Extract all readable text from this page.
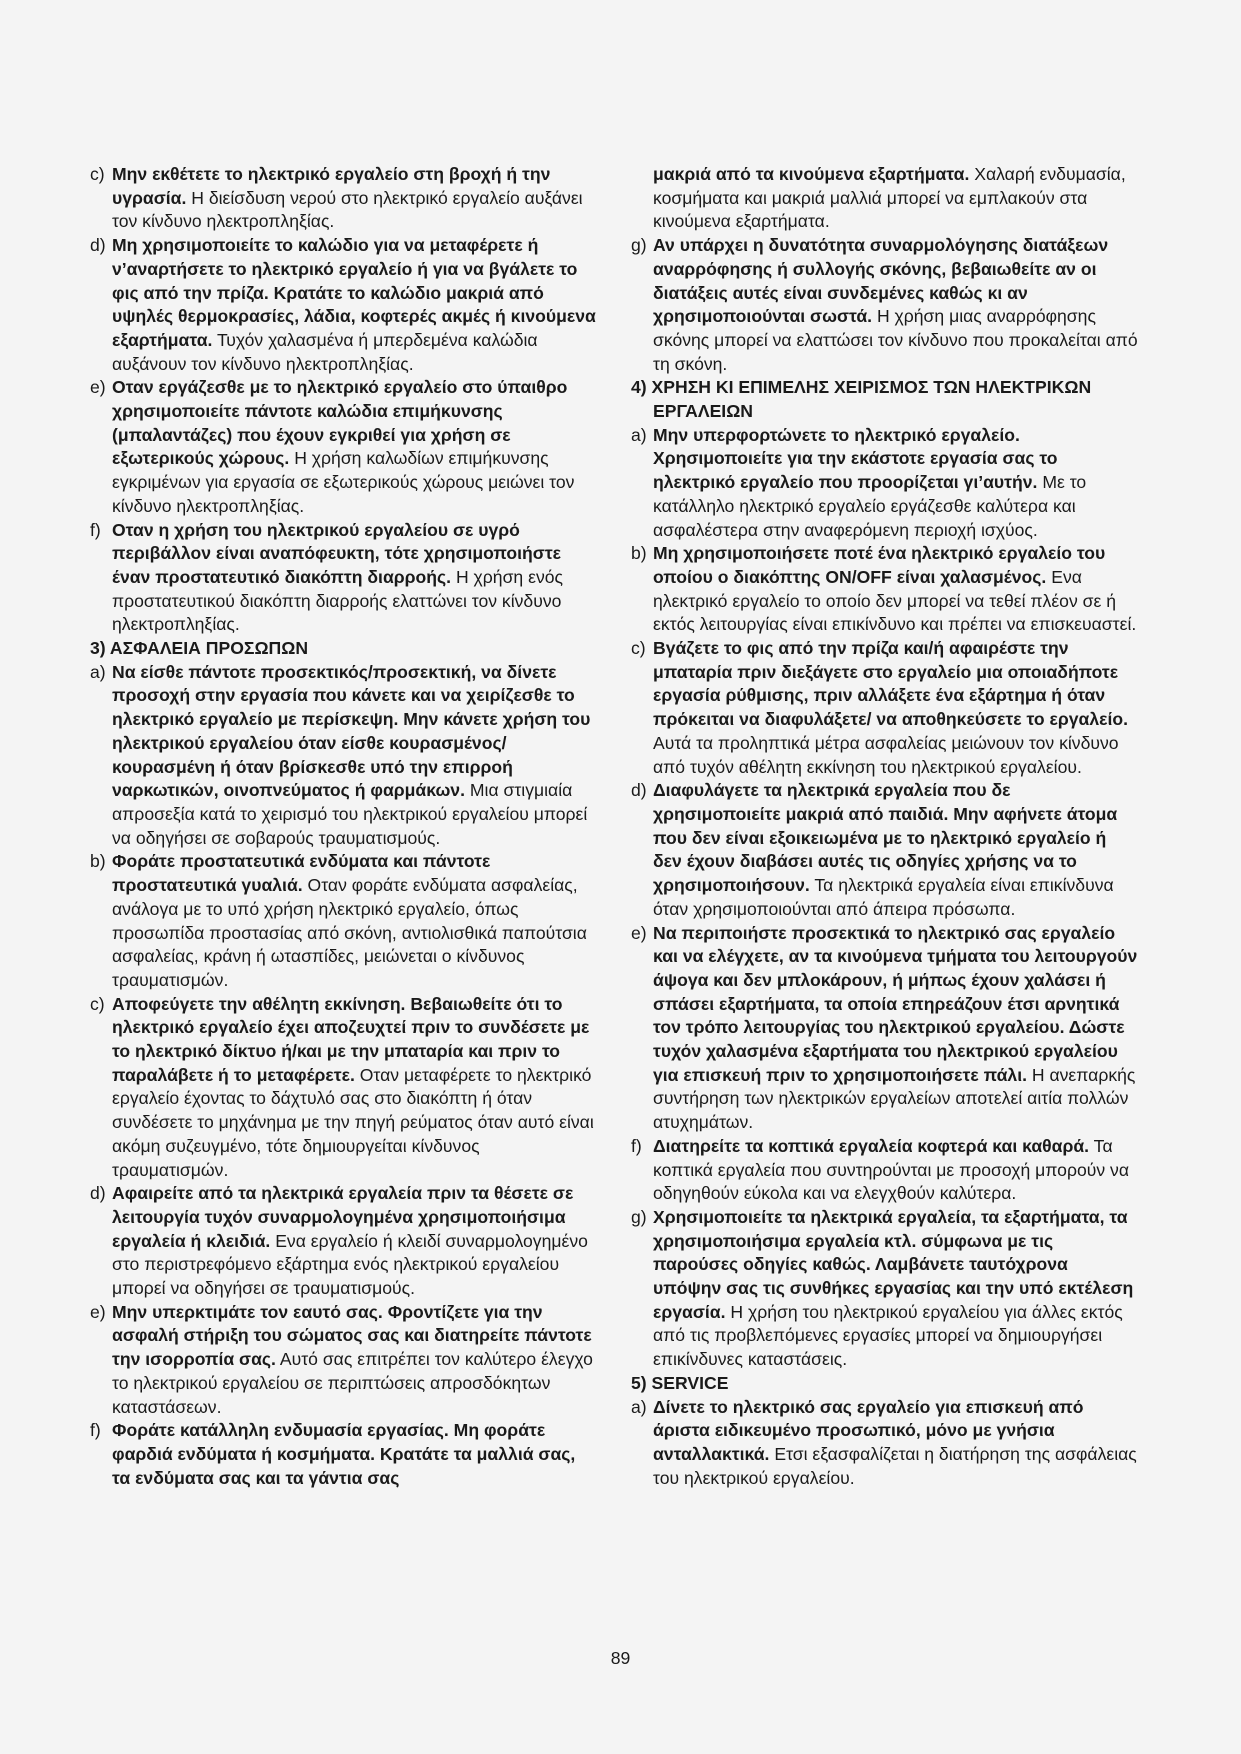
c) Μην εκθέτετε το ηλεκτρικό εργαλείο στη βροχή ή την υγρασία. Η διείσδυση νερού στο ηλεκτρικό εργαλείο αυξάνει τον κίνδυνο ηλεκτροπληξίας.
d) Μη χρησιμοποιείτε το καλώδιο για να μεταφέρετε ή ν’αναρτήσετε το ηλεκτρικό εργαλείο ή για να βγάλετε το φις από την πρίζα. Κρατάτε το καλώδιο μακριά από υψηλές θερμοκρασίες, λάδια, κοφτερές ακμές ή κινούμενα εξαρτήματα. Τυχόν χαλασμένα ή μπερδεμένα καλώδια αυξάνουν τον κίνδυνο ηλεκτροπληξίας.
e) Οταν εργάζεσθε με το ηλεκτρικό εργαλείο στο ύπαιθρο χρησιμοποιείτε πάντοτε καλώδια επιμήκυνσης (μπαλαντάζες) που έχουν εγκριθεί για χρήση σε εξωτερικούς χώρους. Η χρήση καλωδίων επιμήκυνσης εγκριμένων για εργασία σε εξωτερικούς χώρους μειώνει τον κίνδυνο ηλεκτροπληξίας.
f) Οταν η χρήση του ηλεκτρικού εργαλείου σε υγρό περιβάλλον είναι αναπόφευκτη, τότε χρησιμοποιήστε έναν προστατευτικό διακόπτη διαρροής. Η χρήση ενός προστατευτικού διακόπτη διαρροής ελαττώνει τον κίνδυνο ηλεκτροπληξίας.
3) ΑΣΦΑΛΕΙΑ ΠΡΟΣΩΠΩΝ
a) Να είσθε πάντοτε προσεκτικός/προσεκτική, να δίνετε προσοχή στην εργασία που κάνετε και να χειρίζεσθε το ηλεκτρικό εργαλείο με περίσκεψη. Μην κάνετε χρήση του ηλεκτρικού εργαλείου όταν είσθε κουρασμένος/κουρασμένη ή όταν βρίσκεσθε υπό την επιρροή ναρκωτικών, οινοπνεύματος ή φαρμάκων. Μια στιγμιαία απροσεξία κατά το χειρισμό του ηλεκτρικού εργαλείου μπορεί να οδηγήσει σε σοβαρούς τραυματισμούς.
b) Φοράτε προστατευτικά ενδύματα και πάντοτε προστατευτικά γυαλιά. Οταν φοράτε ενδύματα ασφαλείας, ανάλογα με το υπό χρήση ηλεκτρικό εργαλείο, όπως προσωπίδα προστασίας από σκόνη, αντιολισθικά παπούτσια ασφαλείας, κράνη ή ωτασπίδες, μειώνεται ο κίνδυνος τραυματισμών.
c) Αποφεύγετε την αθέλητη εκκίνηση. Βεβαιωθείτε ότι το ηλεκτρικό εργαλείο έχει αποζευχτεί πριν το συνδέσετε με το ηλεκτρικό δίκτυο ή/και με την μπαταρία και πριν το παραλάβετε ή το μεταφέρετε. Οταν μεταφέρετε το ηλεκτρικό εργαλείο έχοντας το δάχτυλό σας στο διακόπτη ή όταν συνδέσετε το μηχάνημα με την πηγή ρεύματος όταν αυτό είναι ακόμη συζευγμένο, τότε δημιουργείται κίνδυνος τραυματισμών.
d) Αφαιρείτε από τα ηλεκτρικά εργαλεία πριν τα θέσετε σε λειτουργία τυχόν συναρμολογημένα χρησιμοποιήσιμα εργαλεία ή κλειδιά. Ενα εργαλείο ή κλειδί συναρμολογημένο στο περιστρεφόμενο εξάρτημα ενός ηλεκτρικού εργαλείου μπορεί να οδηγήσει σε τραυματισμούς.
e) Μην υπερκτιμάτε τον εαυτό σας. Φροντίζετε για την ασφαλή στήριξη του σώματος σας και διατηρείτε πάντοτε την ισορροπία σας. Αυτό σας επιτρέπει τον καλύτερο έλεγχο το ηλεκτρικού εργαλείου σε περιπτώσεις απροσδόκητων καταστάσεων.
f) Φοράτε κατάλληλη ενδυμασία εργασίας. Μη φοράτε φαρδιά ενδύματα ή κοσμήματα. Κρατάτε τα μαλλιά σας, τα ενδύματα σας και τα γάντια σας
μακριά από τα κινούμενα εξαρτήματα. Χαλαρή ενδυμασία, κοσμήματα και μακριά μαλλιά μπορεί να εμπλακούν στα κινούμενα εξαρτήματα.
g) Αν υπάρχει η δυνατότητα συναρμολόγησης διατάξεων αναρρόφησης ή συλλογής σκόνης, βεβαιωθείτε αν οι διατάξεις αυτές είναι συνδεμένες καθώς κι αν χρησιμοποιούνται σωστά. Η χρήση μιας αναρρόφησης σκόνης μπορεί να ελαττώσει τον κίνδυνο που προκαλείται από τη σκόνη.
4) ΧΡΗΣΗ ΚΙ ΕΠΙΜΕΛΗΣ ΧΕΙΡΙΣΜΟΣ ΤΩΝ ΗΛΕΚΤΡΙΚΩΝ ΕΡΓΑΛΕΙΩΝ
a) Μην υπερφορτώνετε το ηλεκτρικό εργαλείο. Χρησιμοποιείτε για την εκάστοτε εργασία σας το ηλεκτρικό εργαλείο που προορίζεται γι’αυτήν. Με το κατάλληλο ηλεκτρικό εργαλείο εργάζεσθε καλύτερα και ασφαλέστερα στην αναφερόμενη περιοχή ισχύος.
b) Μη χρησιμοποιήσετε ποτέ ένα ηλεκτρικό εργαλείο του οποίου ο διακόπτης ON/OFF είναι χαλασμένος. Ενα ηλεκτρικό εργαλείο το οποίο δεν μπορεί να τεθεί πλέον σε ή εκτός λειτουργίας είναι επικίνδυνο και πρέπει να επισκευαστεί.
c) Βγάζετε το φις από την πρίζα και/ή αφαιρέστε την μπαταρία πριν διεξάγετε στο εργαλείο μια οποιαδήποτε εργασία ρύθμισης, πριν αλλάξετε ένα εξάρτημα ή όταν πρόκειται να διαφυλάξετε/ να αποθηκεύσετε το εργαλείο. Αυτά τα προληπτικά μέτρα ασφαλείας μειώνουν τον κίνδυνο από τυχόν αθέλητη εκκίνηση του ηλεκτρικού εργαλείου.
d) Διαφυλάγετε τα ηλεκτρικά εργαλεία που δε χρησιμοποιείτε μακριά από παιδιά. Μην αφήνετε άτομα που δεν είναι εξοικειωμένα με το ηλεκτρικό εργαλείο ή δεν έχουν διαβάσει αυτές τις οδηγίες χρήσης να το χρησιμοποιήσουν. Τα ηλεκτρικά εργαλεία είναι επικίνδυνα όταν χρησιμοποιούνται από άπειρα πρόσωπα.
e) Να περιποιήστε προσεκτικά το ηλεκτρικό σας εργαλείο και να ελέγχετε, αν τα κινούμενα τμήματα του λειτουργούν άψογα και δεν μπλοκάρουν, ή μήπως έχουν χαλάσει ή σπάσει εξαρτήματα, τα οποία επηρεάζουν έτσι αρνητικά τον τρόπο λειτουργίας του ηλεκτρικού εργαλείου. Δώστε τυχόν χαλασμένα εξαρτήματα του ηλεκτρικού εργαλείου για επισκευή πριν το χρησιμοποιήσετε πάλι. Η ανεπαρκής συντήρηση των ηλεκτρικών εργαλείων αποτελεί αιτία πολλών ατυχημάτων.
f) Διατηρείτε τα κοπτικά εργαλεία κοφτερά και καθαρά. Τα κοπτικά εργαλεία που συντηρούνται με προσοχή μπορούν να οδηγηθούν εύκολα και να ελεγχθούν καλύτερα.
g) Χρησιμοποιείτε τα ηλεκτρικά εργαλεία, τα εξαρτήματα, τα χρησιμοποιήσιμα εργαλεία κτλ. σύμφωνα με τις παρούσες οδηγίες καθώς. Λαμβάνετε ταυτόχρονα υπόψην σας τις συνθήκες εργασίας και την υπό εκτέλεση εργασία. Η χρήση του ηλεκτρικού εργαλείου για άλλες εκτός από τις προβλεπόμενες εργασίες μπορεί να δημιουργήσει επικίνδυνες καταστάσεις.
5) SERVICE
a) Δίνετε το ηλεκτρικό σας εργαλείο για επισκευή από άριστα ειδικευμένο προσωπικό, μόνο με γνήσια ανταλλακτικά. Ετσι εξασφαλίζεται η διατήρηση της ασφάλειας του ηλεκτρικού εργαλείου.
89
